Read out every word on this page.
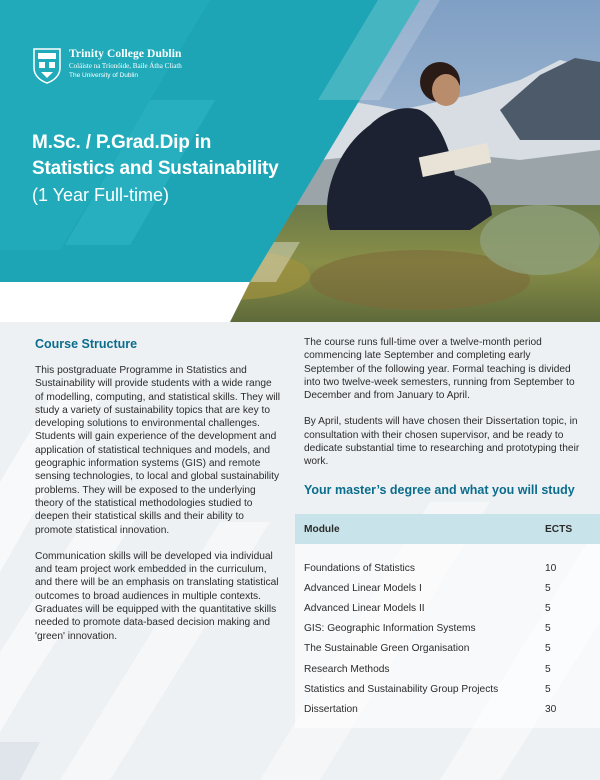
Trinity College Dublin
Coláiste na Tríonóide, Baile Átha Cliath
The University of Dublin
M.Sc. / P.Grad.Dip in
Statistics and Sustainability
(1 Year Full-time)
Course Structure

This postgraduate Programme in Statistics and Sustainability will provide students with a wide range of modelling, computing, and statistical skills. They will study a variety of sustainability topics that are key to developing solutions to environmental challenges. Students will gain experience of the development and application of statistical techniques and models, and geographic information systems (GIS) and remote sensing technologies, to local and global sustainability problems. They will be exposed to the underlying theory of the statistical methodologies studied to deepen their statistical skills and their ability to promote statistical innovation.

Communication skills will be developed via individual and team project work embedded in the curriculum, and there will be an emphasis on translating statistical outcomes to broad audiences in multiple contexts. Graduates will be equipped with the quantitative skills needed to promote data-based decision making and 'green' innovation.

The course runs full-time over a twelve-month period commencing late September and completing early September of the following year. Formal teaching is divided into two twelve-week semesters, running from September to December and from January to April.

By April, students will have chosen their Dissertation topic, in consultation with their chosen supervisor, and be ready to dedicate substantial time to researching and prototyping their work.

Your master’s degree and what you will study
Module	ECTS
Foundations of Statistics	10
Advanced Linear Models I	5
Advanced Linear Models II	5
GIS: Geographic Information Systems	5
The Sustainable Green Organisation	5
Research Methods	5
Statistics and Sustainability Group Projects	5
Dissertation	30
